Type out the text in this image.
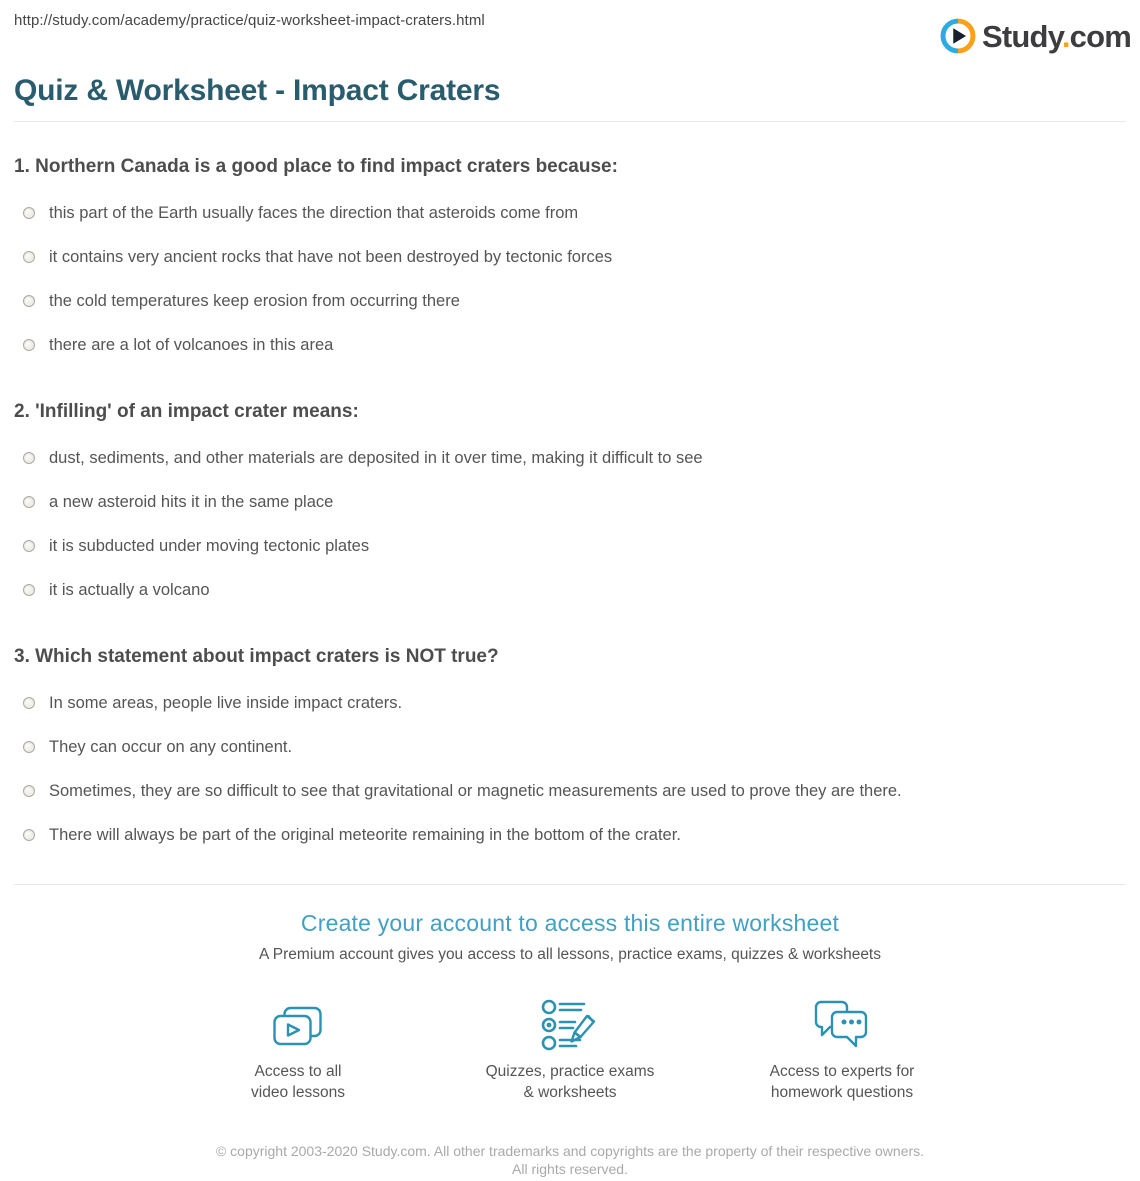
http://study.com/academy/practice/quiz-worksheet-impact-craters.html	Study.com
Quiz & Worksheet - Impact Craters
1. Northern Canada is a good place to find impact craters because:
this part of the Earth usually faces the direction that asteroids come from
it contains very ancient rocks that have not been destroyed by tectonic forces
the cold temperatures keep erosion from occurring there
there are a lot of volcanoes in this area
2. 'Infilling' of an impact crater means:
dust, sediments, and other materials are deposited in it over time, making it difficult to see
a new asteroid hits it in the same place
it is subducted under moving tectonic plates
it is actually a volcano
3. Which statement about impact craters is NOT true?
In some areas, people live inside impact craters.
They can occur on any continent.
Sometimes, they are so difficult to see that gravitational or magnetic measurements are used to prove they are there.
There will always be part of the original meteorite remaining in the bottom of the crater.
Create your account to access this entire worksheet

A Premium account gives you access to all lessons, practice exams, quizzes & worksheets

Access to all
video lessons
Quizzes, practice exams
& worksheets
Access to experts for
homework questions
© copyright 2003-2020 Study.com. All other trademarks and copyrights are the property of their respective owners. All rights reserved.
